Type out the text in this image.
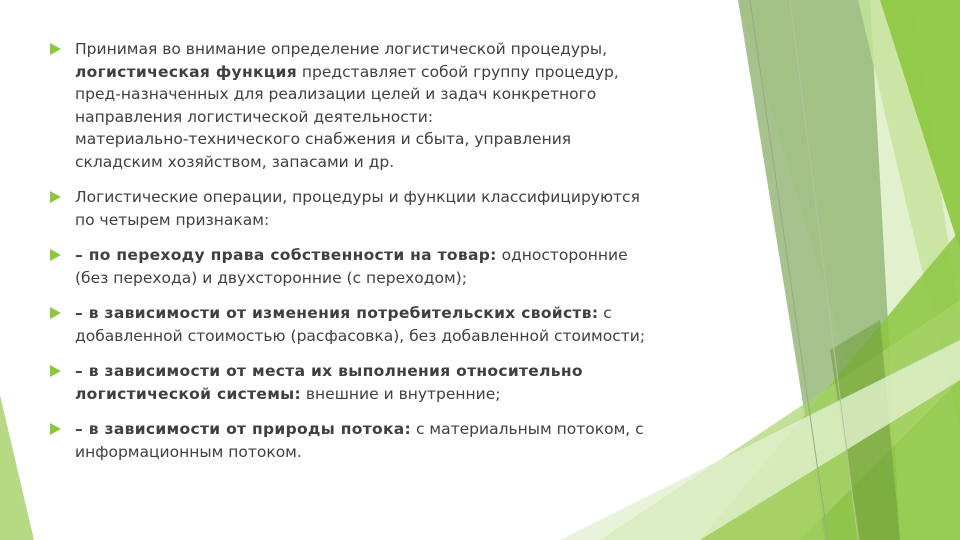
Принимая во внимание определение логистической процедуры,
логистическая функция представляет собой группу процедур,
пред-назначенных для реализации целей и задач конкретного
направления логистической деятельности:
материально-технического снабжения и сбыта, управления
складским хозяйством, запасами и др.
Логистические операции, процедуры и функции классифицируются
по четырем признакам:
– по переходу права собственности на товар: односторонние
(без перехода) и двухсторонние (с переходом);
– в зависимости от изменения потребительских свойств: с
добавленной стоимостью (расфасовка), без добавленной стоимости;
– в зависимости от места их выполнения относительно
логистической системы: внешние и внутренние;
– в зависимости от природы потока: с материальным потоком, с
информационным потоком.
